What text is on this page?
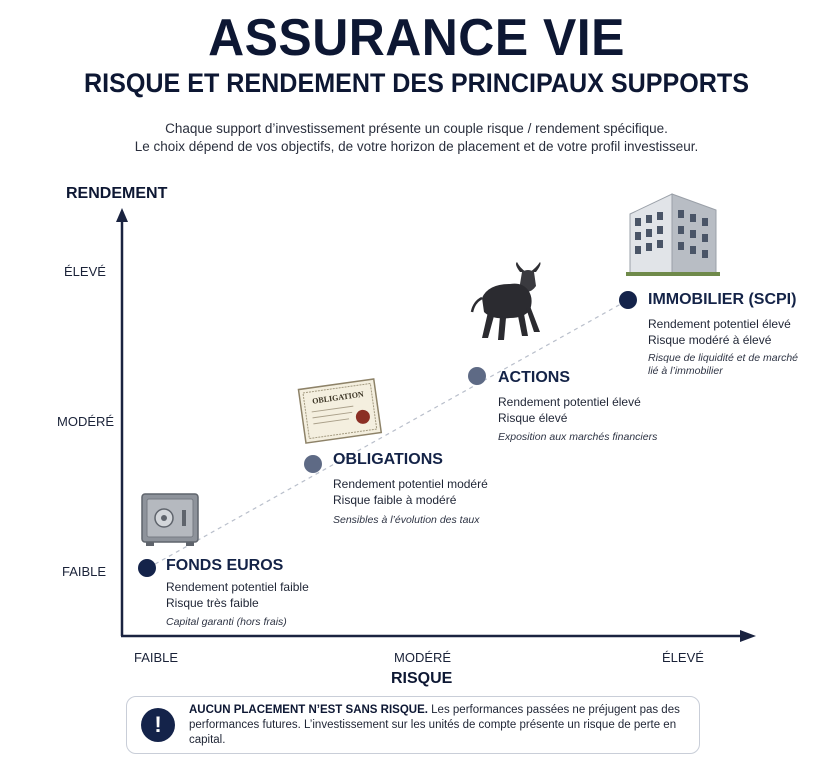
ASSURANCE VIE
RISQUE ET RENDEMENT DES PRINCIPAUX SUPPORTS
Chaque support d’investissement présente un couple risque / rendement spécifique.
Le choix dépend de vos objectifs, de votre horizon de placement et de votre profil investisseur.
RENDEMENT
RISQUE
FAIBLE
MODÉRÉ
ÉLEVÉ
FAIBLE	MODÉRÉ	ÉLEVÉ
OBLIGATION
FONDS EUROS
Rendement potentiel faible
Risque très faible
Capital garanti (hors frais)
OBLIGATIONS
Rendement potentiel modéré
Risque faible à modéré
Sensibles à l’évolution des taux
ACTIONS
Rendement potentiel élevé
Risque élevé
Exposition aux marchés financiers
IMMOBILIER (SCPI)
Rendement potentiel élevé
Risque modéré à élevé
Risque de liquidité et de marché
lié à l’immobilier
!
AUCUN PLACEMENT N’EST SANS RISQUE. Les performances passées ne préjugent pas des performances futures. L’investissement sur les unités de compte présente un risque de perte en capital.
